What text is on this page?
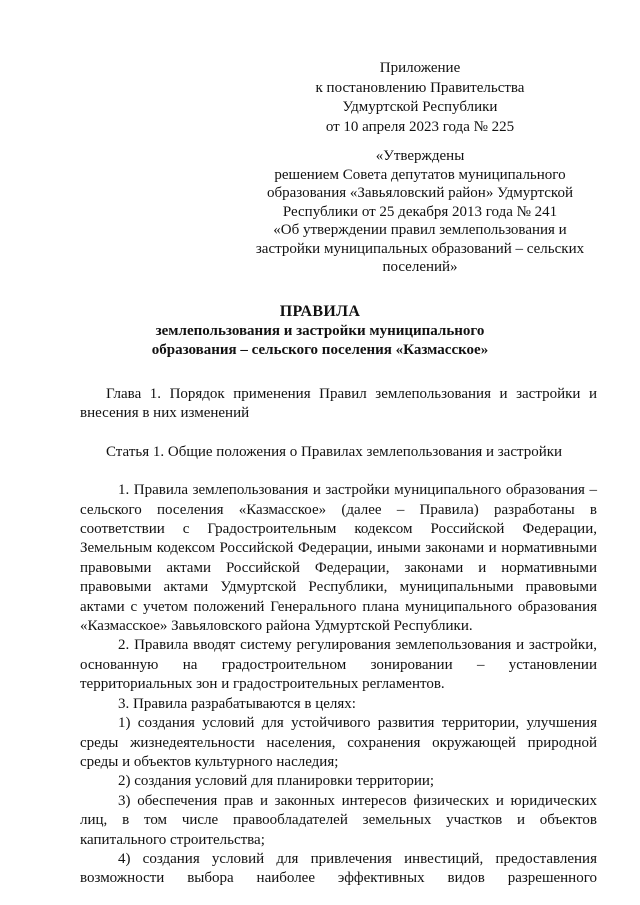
Приложение
к постановлению Правительства
Удмуртской Республики
от 10 апреля 2023 года № 225
«Утверждены
решением Совета депутатов муниципального
образования «Завьяловский район» Удмуртской
Республики от 25 декабря 2013 года № 241
«Об утверждении правил землепользования и
застройки муниципальных образований – сельских
поселений»
ПРАВИЛА
землепользования и застройки муниципального
образования – сельского поселения «Казмасское»
Глава 1. Порядок применения Правил землепользования и застройки и
внесения в них изменений
Статья 1. Общие положения о Правилах землепользования и застройки
1. Правила землепользования и застройки муниципального образования –
сельского поселения «Казмасское» (далее – Правила) разработаны в
соответствии с Градостроительным кодексом Российской Федерации,
Земельным кодексом Российской Федерации, иными законами и нормативными
правовыми актами Российской Федерации, законами и нормативными
правовыми актами Удмуртской Республики, муниципальными правовыми
актами с учетом положений Генерального плана муниципального образования
«Казмасское» Завьяловского района Удмуртской Республики.
2. Правила вводят систему регулирования землепользования и застройки,
основанную на градостроительном зонировании – установлении
территориальных зон и градостроительных регламентов.
3. Правила разрабатываются в целях:
1) создания условий для устойчивого развития территории, улучшения
среды жизнедеятельности населения, сохранения окружающей природной
среды и объектов культурного наследия;
2) создания условий для планировки территории;
3) обеспечения прав и законных интересов физических и юридических
лиц, в том числе правообладателей земельных участков и объектов
капитального строительства;
4) создания условий для привлечения инвестиций, предоставления
возможности выбора наиболее эффективных видов разрешенного
